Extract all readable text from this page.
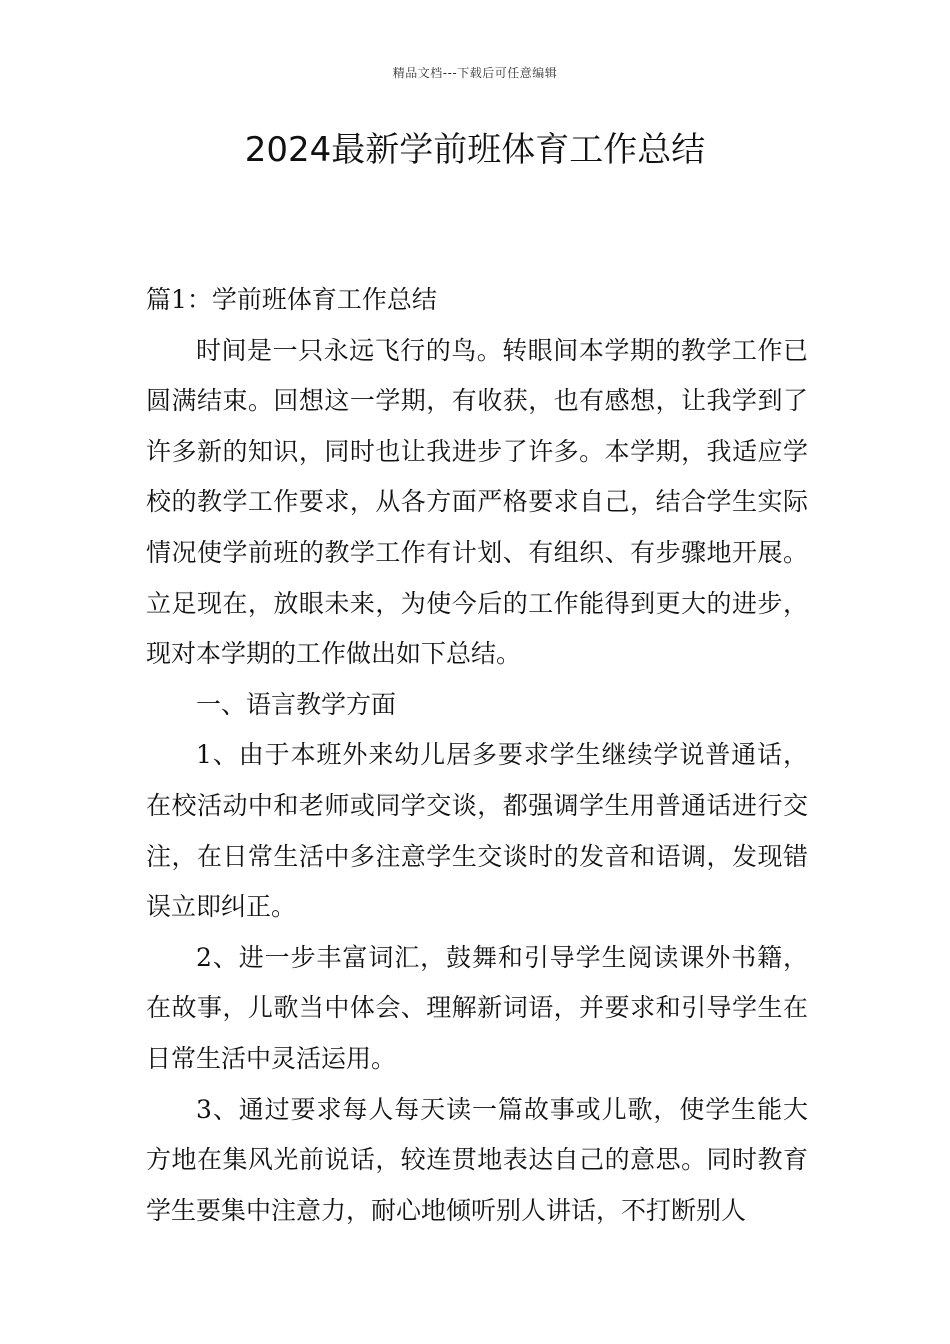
精品文档---下载后可任意编辑
2024最新学前班体育工作总结

篇1：学前班体育工作总结

时间是一只永远飞行的鸟。转眼间本学期的教学工作已圆满结束。回想这一学期，有收获，也有感想，让我学到了许多新的知识，同时也让我进步了许多。本学期，我适应学校的教学工作要求，从各方面严格要求自己，结合学生实际情况使学前班的教学工作有计划、有组织、有步骤地开展。立足现在，放眼未来，为使今后的工作能得到更大的进步，现对本学期的工作做出如下总结。

一、语言教学方面

1、由于本班外来幼儿居多要求学生继续学说普通话，在校活动中和老师或同学交谈，都强调学生用普通话进行交注，在日常生活中多注意学生交谈时的发音和语调，发现错误立即纠正。

2、进一步丰富词汇，鼓舞和引导学生阅读课外书籍，在故事，儿歌当中体会、理解新词语，并要求和引导学生在日常生活中灵活运用。

3、通过要求每人每天读一篇故事或儿歌，使学生能大方地在集风光前说话，较连贯地表达自己的意思。同时教育学生要集中注意力，耐心地倾听别人讲话，不打断别人
